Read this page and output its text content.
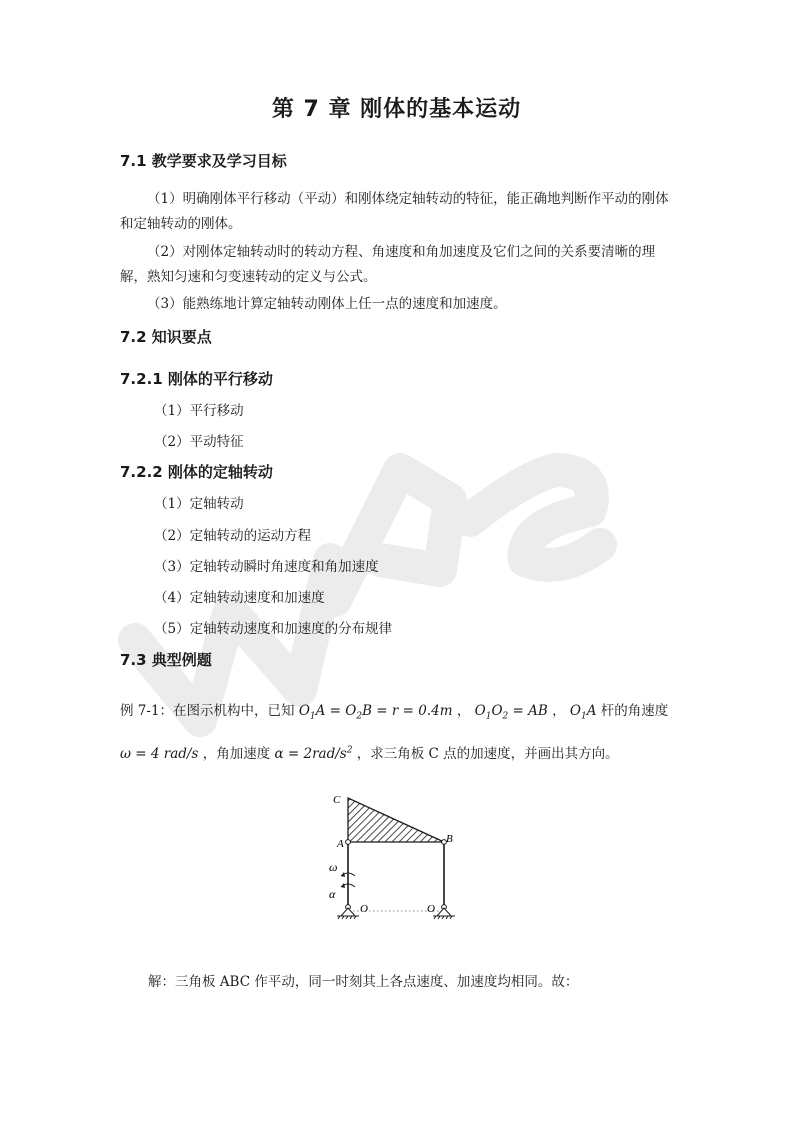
第 7 章 刚体的基本运动
7.1 教学要求及学习目标
（1）明确刚体平行移动（平动）和刚体绕定轴转动的特征，能正确地判断作平动的刚体和定轴转动的刚体。
（2）对刚体定轴转动时的转动方程、角速度和角加速度及它们之间的关系要清晰的理解，熟知匀速和匀变速转动的定义与公式。
（3）能熟练地计算定轴转动刚体上任一点的速度和加速度。
7.2 知识要点
7.2.1 刚体的平行移动
（1）平行移动
（2）平动特征
7.2.2 刚体的定轴转动
（1）定轴转动
（2）定轴转动的运动方程
（3）定轴转动瞬时角速度和角加速度
（4）定轴转动速度和加速度
（5）定轴转动速度和加速度的分布规律
7.3 典型例题
例 7-1：在图示机构中，已知 $O_1A = O_2B = r = 0.4m$ ， $O_1O_2$ = AB ， $O_1A$ 杆的角速度
ω = 4 rad/s ，角加速度 $\alpha = 2rad/s^2$ ，求三角板 C 点的加速度，并画出其方向。
C
A	B
ω
α
O	O
解：三角板 ABC 作平动，同一时刻其上各点速度、加速度均相同。故：
